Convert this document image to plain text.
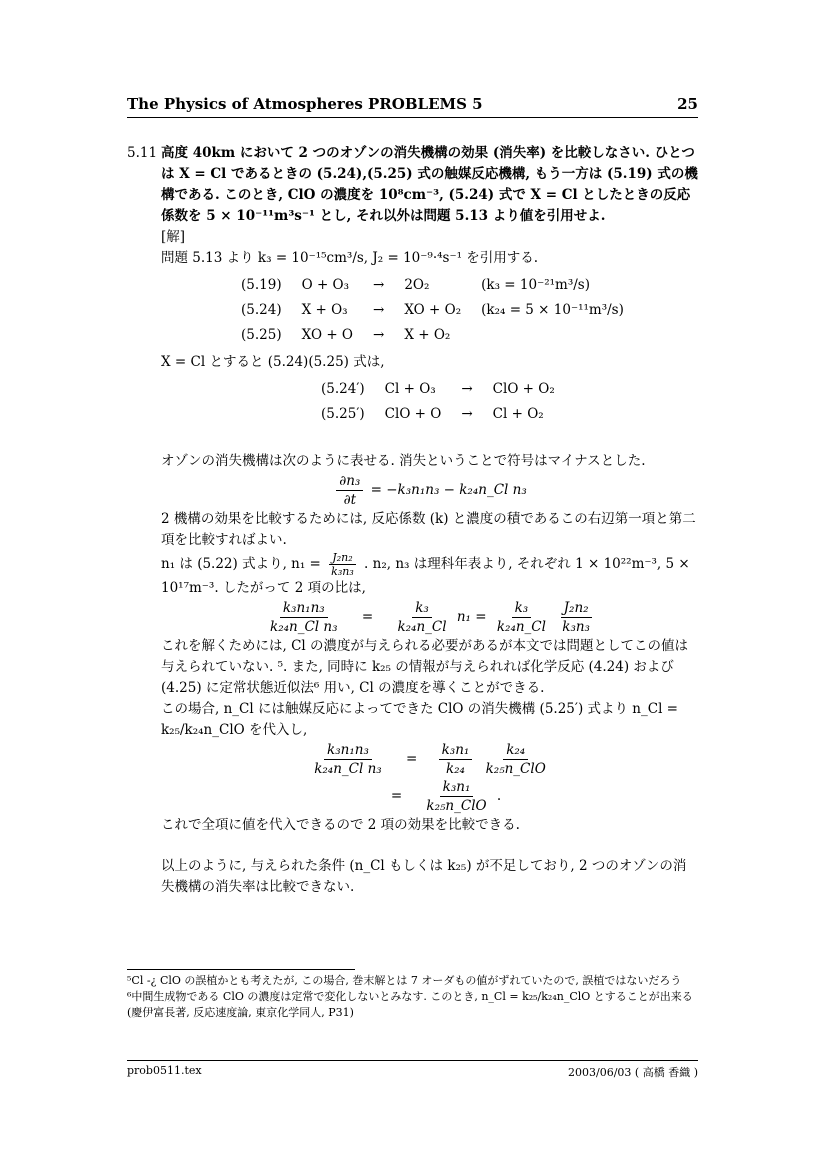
The Physics of Atmospheres PROBLEMS 5	25
5.11 高度 40km において 2 つのオゾンの消失機構の効果 (消失率) を比較しなさい. ひとつは X = Cl であるときの (5.24),(5.25) 式の触媒反応機構, もう一方は (5.19) 式の機構である. このとき, ClO の濃度を 10⁸cm⁻³, (5.24) 式で X = Cl としたときの反応係数を 5 × 10⁻¹¹m³s⁻¹ とし, それ以外は問題 5.13 より値を引用せよ.
[解]
問題 5.13 より k₃ = 10⁻¹⁵cm³/s, J₂ = 10⁻⁹·⁴s⁻¹ を引用する.
(5.19)	O + O₃	→	2O₂	(k₃ = 10⁻²¹m³/s)
(5.24)	X + O₃	→	XO + O₂	(k₂₄ = 5 × 10⁻¹¹m³/s)
(5.25)	XO + O	→	X + O₂	
X = Cl とすると (5.24)(5.25) 式は,
(5.24′)	Cl + O₃	→	ClO + O₂
(5.25′)	ClO + O	→	Cl + O₂
オゾンの消失機構は次のように表せる. 消失ということで符号はマイナスとした.
$\frac{\text{∂n₃}}{\partial t} = -k_3n_1n_3$ − k₂₄n_Cl n₃
2 機構の効果を比較するためには, 反応係数 (k) と濃度の積であるこの右辺第一項と第二項を比較すればよい.
n₁ は (5.22) 式より, $n_1 = \frac{\text{J₂n₂}}{\text{k₃n₃}}$ . n₂, n₃ は理科年表より, それぞれ 1 × 10²²m⁻³, 5 × 10¹⁷m⁻³. したがって 2 項の比は,
$\frac{\text{k₃n₁n₃}}{\text{k₂₄n\_Cl n₃}} = \frac{\text{k₃}}{\text{k₂₄n\_Cl}} n_1 = \frac{\text{k₃}}{\text{k₂₄n\_Cl}}$
$\frac{\text{J₂n₂}}{\text{k₃n₃}}$
これを解くためには, Cl の濃度が与えられる必要があるが本文では問題としてこの値は与えられていない. ⁵. また, 同時に k₂₅ の情報が与えられれば化学反応 (4.24) および (4.25) に定常状態近似法⁶ 用い, Cl の濃度を導くことができる.
この場合, n_Cl には触媒反応によってできた ClO の消失機構 (5.25′) 式より n_Cl = k₂₅/k₂₄n_ClO を代入し,
$\frac{\text{k₃n₁n₃}}{\text{k₂₄n\_Cl n₃}} = \frac{\text{k₃n₁}}{\text{k₂₄}}$
$\frac{\text{k₂₄}}{\text{k₂₅n\_ClO}}$
= $\frac{\text{k₃n₁}}{\text{k₂₅n\_ClO}}$ .
これで全項に値を代入できるので 2 項の効果を比較できる.
以上のように, 与えられた条件 (n_Cl もしくは k₂₅) が不足しており, 2 つのオゾンの消失機構の消失率は比較できない.
⁵Cl -¿ ClO の誤植かとも考えたが, この場合, 巻末解とは 7 オーダもの値がずれていたので, 誤植ではないだろう
⁶中間生成物である ClO の濃度は定常で変化しないとみなす. このとき, n_Cl = k₂₅/k₂₄n_ClO とすることが出来る (慶伊富長著, 反応速度論, 東京化学同人, P31)
prob0511.tex	2003/06/03 ( 高橋 香織 )
